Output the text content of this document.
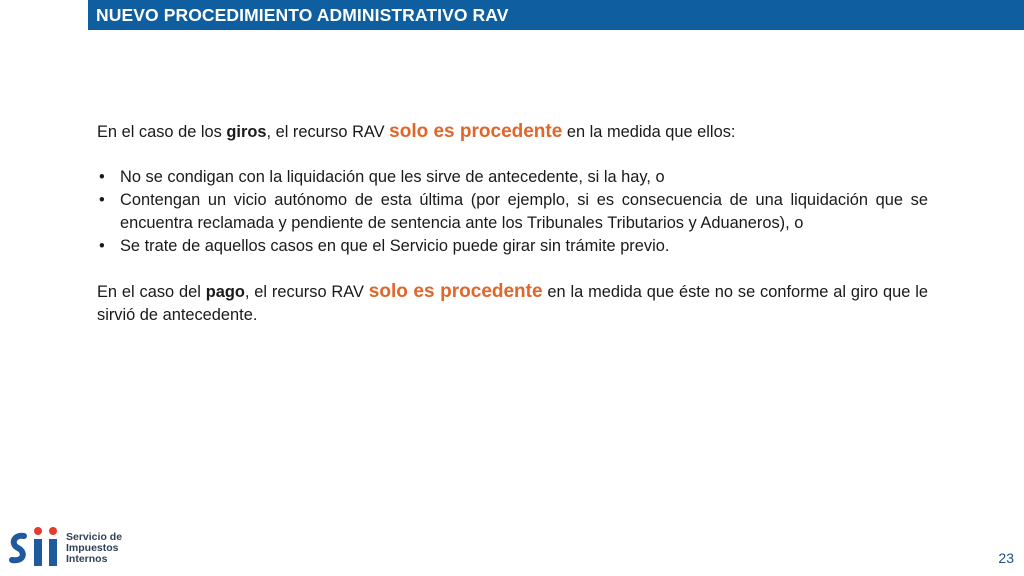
NUEVO PROCEDIMIENTO ADMINISTRATIVO RAV

En el caso de los giros, el recurso RAV solo es procedente en la medida que ellos:

• No se condigan con la liquidación que les sirve de antecedente, si la hay, o
• Contengan un vicio autónomo de esta última (por ejemplo, si es consecuencia de una liquidación que se encuentra reclamada y pendiente de sentencia ante los Tribunales Tributarios y Aduaneros), o
• Se trate de aquellos casos en que el Servicio puede girar sin trámite previo.

En el caso del pago, el recurso RAV solo es procedente en la medida que éste no se conforme al giro que le sirvió de antecedente.

Sii
Servicio de
Impuestos
Internos	23
